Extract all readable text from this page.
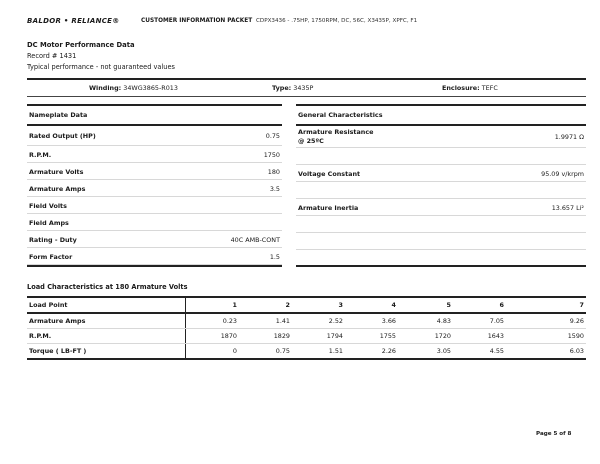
BALDOR • RELIANCE®	CUSTOMER INFORMATION PACKET CDPX3436 - .75HP, 1750RPM, DC, 56C, X3435P, XPFC, F1
DC Motor Performance Data
Record # 1431
Typical performance - not guaranteed values
Winding: 34WG3865-R013	Type: 3435P	Enclosure: TEFC
Nameplate Data
Rated Output (HP)	0.75
R.P.M.	1750
Armature Volts	180
Armature Amps	3.5
Field Volts
Field Amps
Rating - Duty	40C AMB-CONT
Form Factor	1.5
General Characteristics
Armature Resistance
@ 25ºC	1.9971 Ω
Voltage Constant	95.09 v/krpm
Armature Inertia	13.657 Li²
Load Characteristics at 180 Armature Volts
Load Point	1	2	3	4	5	6	7
Armature Amps	0.23	1.41	2.52	3.66	4.83	7.05	9.26
R.P.M.	1870	1829	1794	1755	1720	1643	1590
Torque ( LB-FT )	0	0.75	1.51	2.26	3.05	4.55	6.03
Page 5 of 8
